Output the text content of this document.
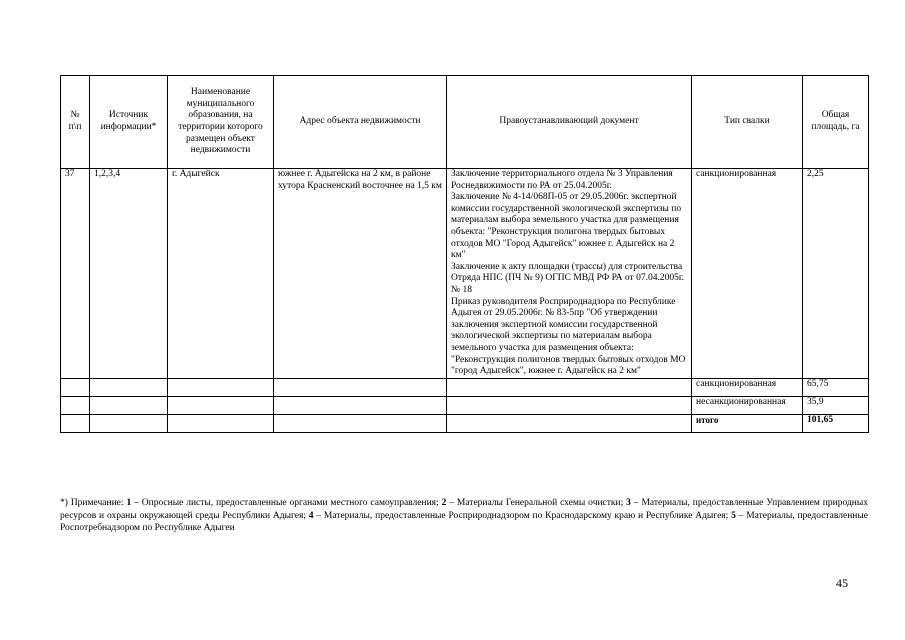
№ п\п	Источник информации*	Наименование муниципального образования, на территории которого размещен объект недвижимости	Адрес объекта недвижимости	Правоустанавливающий документ	Тип свалки	Общая площадь, га
37	1,2,3,4	г. Адыгейск	южнее г. Адыгейска на 2 км, в районе хутора Красненский восточнее на 1,5 км	Заключение территориального отдела № 3 Управления Роснедвижимости по РА от 25.04.2005г.
Заключение № 4-14/068П-05 от 29.05.2006г. экспертной комиссии государственной экологической экспертизы по материалам выбора земельного участка для размещения объекта: "Реконструкция полигона твердых бытовых отходов МО "Город Адыгейск" южнее г. Адыгейск на 2 км"
Заключение к акту площадки (трассы) для строительства Отряда НПС (ПЧ № 9) ОГПС МВД РФ РА от 07.04.2005г. № 18
Приказ руководителя Росприроднадзора по Республике Адыгея от 29.05.2006г. № 83-5пр "Об утверждении заключения экспертной комиссии государственной экологической экспертизы по материалам выбора земельного участка для размещения объекта: "Реконструкция полигонов твердых бытовых отходов МО "город Адыгейск", южнее г. Адыгейск на 2 км"	санкционированная	2,25
					санкционированная	65,75
					несанкционированная	35,9
					итого	101,65
*) Примечание: 1 – Опросные листы, предоставленные органами местного самоуправления; 2 – Материалы Генеральной схемы очистки; 3 – Материалы, предоставленные Управлением природных ресурсов и охраны окружающей среды Республики Адыгея; 4 – Материалы, предоставленные Росприроднадзором по Краснодарскому краю и Республике Адыгея; 5 – Материалы, предоставленные Роспотребнадзором по Республике Адыгеи
45
